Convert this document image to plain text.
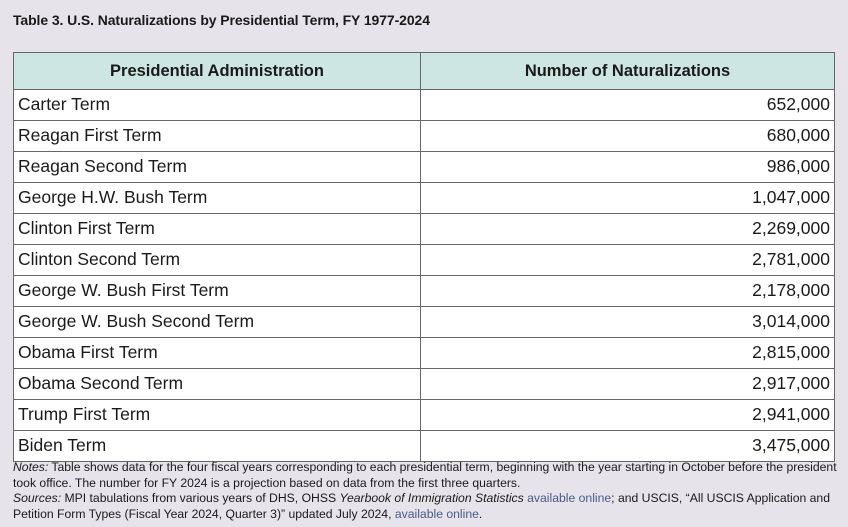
Table 3. U.S. Naturalizations by Presidential Term, FY 1977-2024
Presidential Administration	Number of Naturalizations
Carter Term	652,000
Reagan First Term	680,000
Reagan Second Term	986,000
George H.W. Bush Term	1,047,000
Clinton First Term	2,269,000
Clinton Second Term	2,781,000
George W. Bush First Term	2,178,000
George W. Bush Second Term	3,014,000
Obama First Term	2,815,000
Obama Second Term	2,917,000
Trump First Term	2,941,000
Biden Term	3,475,000

Notes: Table shows data for the four fiscal years corresponding to each presidential term, beginning with the year starting in October before the president took office. The number for FY 2024 is a projection based on data from the first three quarters.

Sources: MPI tabulations from various years of DHS, OHSS Yearbook of Immigration Statistics available online; and USCIS, “All USCIS Application and Petition Form Types (Fiscal Year 2024, Quarter 3)” updated July 2024, available online.
